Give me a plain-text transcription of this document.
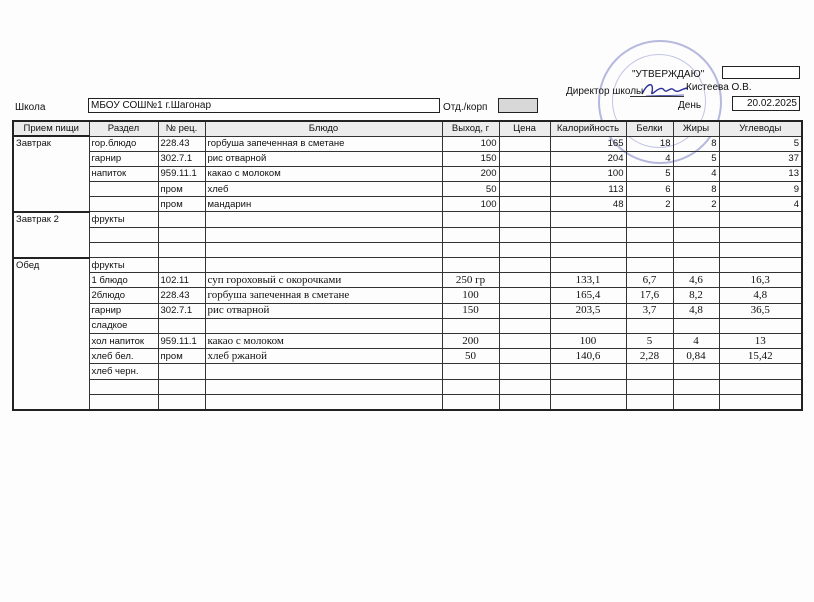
"УТВЕРЖДАЮ"
Директор школы	Кистеева О.В.
Школа	МБОУ СОШ№1 г.Шагонар	Отд./корп	День	20.02.2025
Прием пищи	Раздел	№ рец.	Блюдо	Выход, г	Цена	Калорийность	Белки	Жиры	Углеводы
Завтрак	гор.блюдо	228.43	горбуша запеченная в сметане	100		165	18	8	5
	гарнир	302.7.1	рис отварной	150		204	4	5	37
	напиток	959.11.1	какао с молоком	200		100	5	4	13
		пром	хлеб	50		113	6	8	9
		пром	мандарин	100		48	2	2	4
Завтрак 2	фрукты								

Обед	фрукты								
	1 блюдо	102.11	суп гороховый с окорочками	250 гр		133,1	6,7	4,6	16,3
	2блюдо	228.43	горбуша запеченная в сметане	100		165,4	17,6	8,2	4,8
	гарнир	302.7.1	рис отварной	150		203,5	3,7	4,8	36,5
	сладкое								
	хол напиток	959.11.1	какао с молоком	200		100	5	4	13
	хлеб бел.	пром	хлеб ржаной	50		140,6	2,28	0,84	15,42
	хлеб черн.								
